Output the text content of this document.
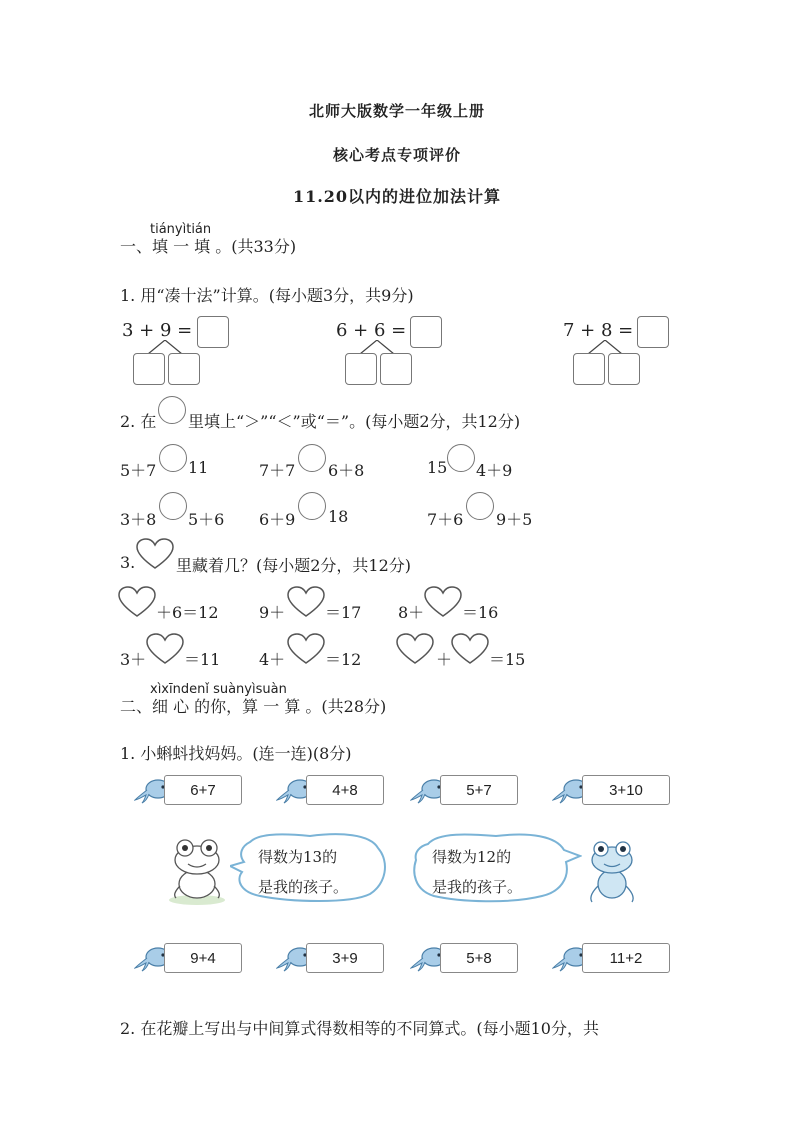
北师大版数学一年级上册
核心考点专项评价
11.20以内的进位加法计算
tiányìtián
一、填 一 填 。(共33分)
1. 用“凑十法”计算。(每小题3分，共9分)
3 + 9 =	6 + 6 =	7 + 8 =
2. 在 里填上“＞”“＜”或“＝”。(每小题2分，共12分)
5＋7 11	7＋7 6＋8	15 4＋9
3＋8 5＋6 6＋9 18	7＋6 9＋5
3.	里藏着几？(每小题2分，共12分)
＋6＝12	9＋ ＝17 8＋ ＝16
3＋ ＝11 4＋ ＝12	＋ ＝15
xìxīndenǐ suànyìsuàn
二、细 心 的你，算 一 算 。(共28分)
1. 小蝌蚪找妈妈。(连一连)(8分)
6+7	4+8	5+7	3+10
得数为13的
是我的孩子。
得数为12的
是我的孩子。
9+4	3+9	5+8	11+2
2. 在花瓣上写出与中间算式得数相等的不同算式。(每小题10分，共
